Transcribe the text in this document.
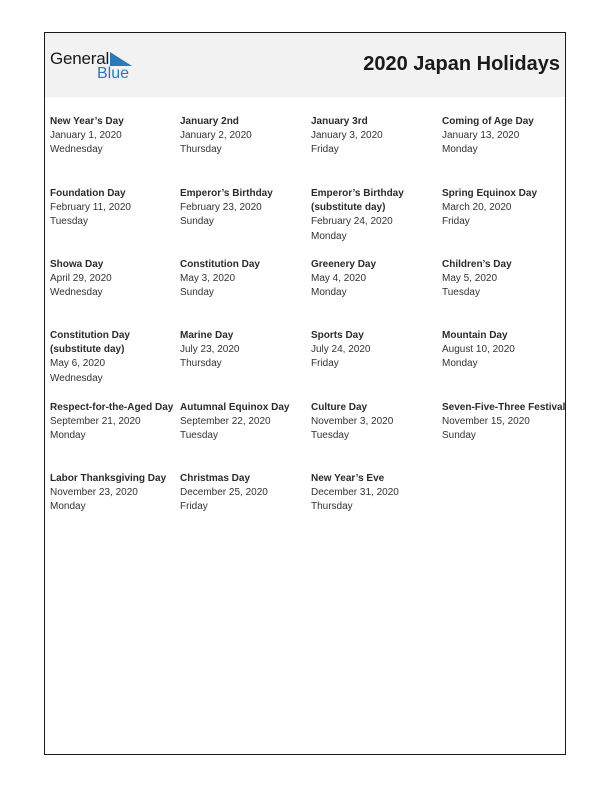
General
Blue	2020 Japan Holidays
New Year’s Day
January 1, 2020
Wednesday
January 2nd
January 2, 2020
Thursday
January 3rd
January 3, 2020
Friday
Coming of Age Day
January 13, 2020
Monday
Foundation Day
February 11, 2020
Tuesday
Emperor’s Birthday
February 23, 2020
Sunday
Emperor’s Birthday (substitute day)
February 24, 2020
Monday
Spring Equinox Day
March 20, 2020
Friday
Showa Day
April 29, 2020
Wednesday
Constitution Day
May 3, 2020
Sunday
Greenery Day
May 4, 2020
Monday
Children’s Day
May 5, 2020
Tuesday
Constitution Day (substitute day)
May 6, 2020
Wednesday
Marine Day
July 23, 2020
Thursday
Sports Day
July 24, 2020
Friday
Mountain Day
August 10, 2020
Monday
Respect-for-the-Aged Day
September 21, 2020
Monday
Autumnal Equinox Day
September 22, 2020
Tuesday
Culture Day
November 3, 2020
Tuesday
Seven-Five-Three Festival
November 15, 2020
Sunday
Labor Thanksgiving Day
November 23, 2020
Monday
Christmas Day
December 25, 2020
Friday
New Year’s Eve
December 31, 2020
Thursday
